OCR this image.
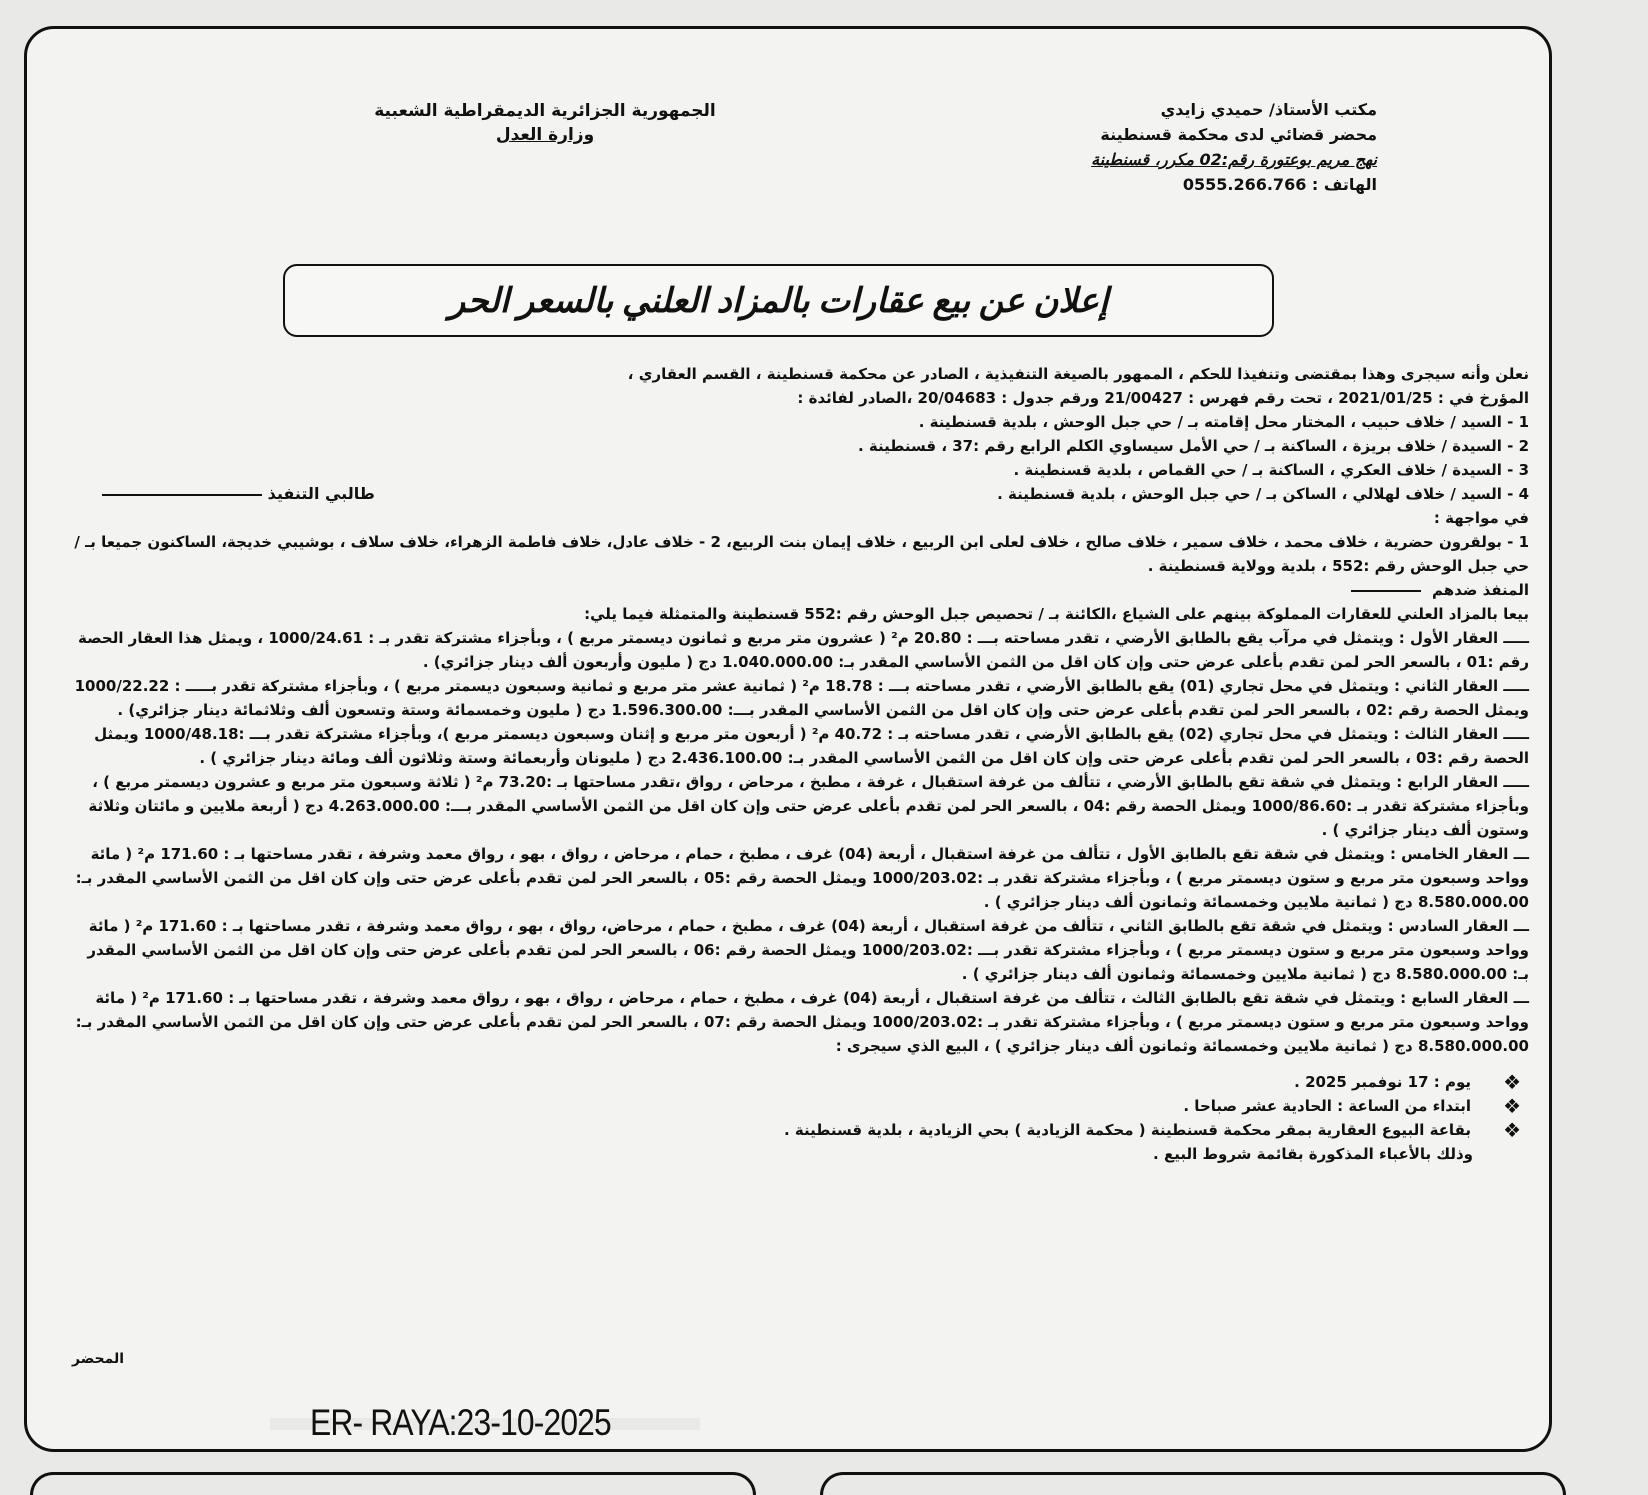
مكتب الأستاذ/ حميدي زايدي
محضر قضائي لدى محكمة قسنطينة
نهج مريم بوعتورة رقم:02 مكرر، قسنطينة
الهاتف : 0555.266.766
الجمهورية الجزائرية الديمقراطية الشعبية
وزارة العدل
إعلان عن بيع عقارات بالمزاد العلني بالسعر الحر

نعلن وأنه سيجرى وهذا بمقتضى وتنفيذا للحكم ، الممهور بالصيغة التنفيذية ، الصادر عن محكمة قسنطينة ، القسم العقاري ،

المؤرخ في : 2021/01/25 ، تحت رقم فهرس : 21/00427 ورقم جدول : 20/04683 ،الصادر لفائدة :

1 - السيد / خلاف حبيب ، المختار محل إقامته بـ / حي جبل الوحش ، بلدية قسنطينة .

2 - السيدة / خلاف بريزة ، الساكنة بـ / حي الأمل سيساوي الكلم الرابع رقم :37 ، قسنطينة .

3 - السيدة / خلاف العكري ، الساكنة بـ / حي القماص ، بلدية قسنطينة .

4 - السيد / خلاف لهلالي ، الساكن بـ / حي جبل الوحش ، بلدية قسنطينة .

طالبي التنفيذ

في مواجهة :

1 - بولقرون حضرية ، خلاف محمد ، خلاف سمير ، خلاف صالح ، خلاف لعلى ابن الربيع ، خلاف إيمان بنت الربيع، 2 - خلاف عادل، خلاف فاطمة الزهراء، خلاف سلاف ، بوشيبي خديجة، الساكنون جميعا بـ / حي جبل الوحش رقم :552 ، بلدية وولاية قسنطينة .

المنفذ ضدهم

بيعا بالمزاد العلني للعقارات المملوكة بينهم على الشياع ،الكائنة بـ / تحصيص جبل الوحش رقم :552 قسنطينة والمتمثلة فيما يلي:

ـــــ العقار الأول : ويتمثل في مرآب يقع بالطابق الأرضي ، تقدر مساحته بـــ : 20.80 م² ( عشرون متر مربع و ثمانون ديسمتر مربع ) ، وبأجزاء مشتركة تقدر بـ : 1000/24.61 ، ويمثل هذا العقار الحصة رقم :01 ، بالسعر الحر لمن تقدم بأعلى عرض حتى وإن كان اقل من الثمن الأساسي المقدر بـ: 1.040.000.00 دج ( مليون وأربعون ألف دينار جزائري) .

ـــــ العقار الثاني : ويتمثل في محل تجاري (01) يقع بالطابق الأرضي ، تقدر مساحته بـــ : 18.78 م² ( ثمانية عشر متر مربع و ثمانية وسبعون ديسمتر مربع ) ، وبأجزاء مشتركة تقدر بـــــ : 1000/22.22 ويمثل الحصة رقم :02 ، بالسعر الحر لمن تقدم بأعلى عرض حتى وإن كان اقل من الثمن الأساسي المقدر بـــ: 1.596.300.00 دج ( مليون وخمسمائة وستة وتسعون ألف وثلاثمائة دينار جزائري) .

ـــــ العقار الثالث : ويتمثل في محل تجاري (02) يقع بالطابق الأرضي ، تقدر مساحته بـ : 40.72 م² ( أربعون متر مربع و إثنان وسبعون ديسمتر مربع )، وبأجزاء مشتركة تقدر بـــ :1000/48.18 ويمثل الحصة رقم :03 ، بالسعر الحر لمن تقدم بأعلى عرض حتى وإن كان اقل من الثمن الأساسي المقدر بـ: 2.436.100.00 دج ( مليونان وأربعمائة وستة وثلاثون ألف ومائة دينار جزائري ) .

ـــــ العقار الرابع : ويتمثل في شقة تقع بالطابق الأرضي ، تتألف من غرفة استقبال ، غرفة ، مطبخ ، مرحاض ، رواق ،تقدر مساحتها بـ :73.20 م² ( ثلاثة وسبعون متر مربع و عشرون ديسمتر مربع ) ، وبأجزاء مشتركة تقدر بـ :1000/86.60 ويمثل الحصة رقم :04 ، بالسعر الحر لمن تقدم بأعلى عرض حتى وإن كان اقل من الثمن الأساسي المقدر بـــ: 4.263.000.00 دج ( أربعة ملايين و مائتان وثلاثة وستون ألف دينار جزائري ) .

ـــ العقار الخامس : ويتمثل في شقة تقع بالطابق الأول ، تتألف من غرفة استقبال ، أربعة (04) غرف ، مطبخ ، حمام ، مرحاض ، رواق ، بهو ، رواق معمد وشرفة ، تقدر مساحتها بـ : 171.60 م² ( مائة وواحد وسبعون متر مربع و ستون ديسمتر مربع ) ، وبأجزاء مشتركة تقدر بـ :1000/203.02 ويمثل الحصة رقم :05 ، بالسعر الحر لمن تقدم بأعلى عرض حتى وإن كان اقل من الثمن الأساسي المقدر بـ: 8.580.000.00 دج ( ثمانية ملايين وخمسمائة وثمانون ألف دينار جزائري ) .

ـــ العقار السادس : ويتمثل في شقة تقع بالطابق الثاني ، تتألف من غرفة استقبال ، أربعة (04) غرف ، مطبخ ، حمام ، مرحاض، رواق ، بهو ، رواق معمد وشرفة ، تقدر مساحتها بـ : 171.60 م² ( مائة وواحد وسبعون متر مربع و ستون ديسمتر مربع ) ، وبأجزاء مشتركة تقدر بـــ :1000/203.02 ويمثل الحصة رقم :06 ، بالسعر الحر لمن تقدم بأعلى عرض حتى وإن كان اقل من الثمن الأساسي المقدر بـ: 8.580.000.00 دج ( ثمانية ملايين وخمسمائة وثمانون ألف دينار جزائري ) .

ـــ العقار السابع : ويتمثل في شقة تقع بالطابق الثالث ، تتألف من غرفة استقبال ، أربعة (04) غرف ، مطبخ ، حمام ، مرحاض ، رواق ، بهو ، رواق معمد وشرفة ، تقدر مساحتها بـ : 171.60 م² ( مائة وواحد وسبعون متر مربع و ستون ديسمتر مربع ) ، وبأجزاء مشتركة تقدر بـ :1000/203.02 ويمثل الحصة رقم :07 ، بالسعر الحر لمن تقدم بأعلى عرض حتى وإن كان اقل من الثمن الأساسي المقدر بـ: 8.580.000.00 دج ( ثمانية ملايين وخمسمائة وثمانون ألف دينار جزائري ) ، البيع الذي سيجرى :

❖
يوم : 17 نوفمبر 2025 .
❖
ابتداء من الساعة : الحادية عشر صباحا .
❖
بقاعة البيوع العقارية بمقر محكمة قسنطينة ( محكمة الزيادية ) بحي الزيادية ، بلدية قسنطينة .

وذلك بالأعباء المذكورة بقائمة شروط البيع .

المحضر
ER- RAYA:23-10-2025
